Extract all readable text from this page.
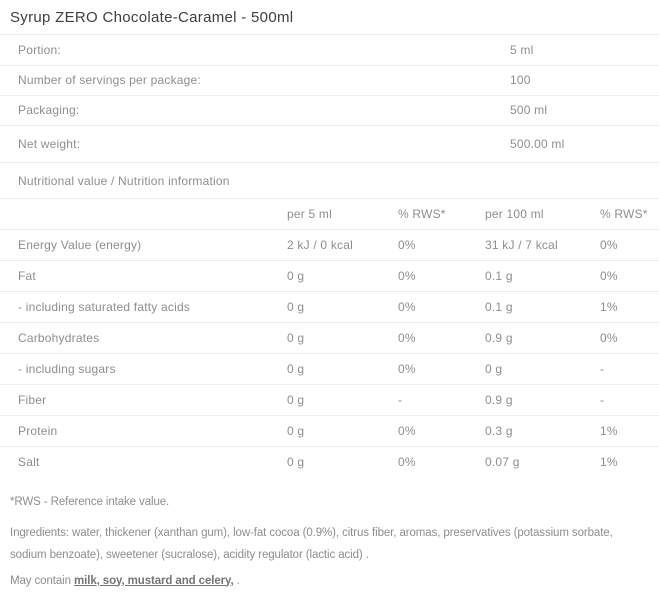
Syrup ZERO Chocolate-Caramel - 500ml
Portion:	5 ml
Number of servings per package:	100
Packaging:	500 ml
Net weight:	500.00 ml
Nutritional value / Nutrition information
	per 5 ml	% RWS*	per 100 ml	% RWS*
Energy Value (energy)	2 kJ / 0 kcal	0%	31 kJ / 7 kcal	0%
Fat	0 g	0%	0.1 g	0%
- including saturated fatty acids	0 g	0%	0.1 g	1%
Carbohydrates	0 g	0%	0.9 g	0%
- including sugars	0 g	0%	0 g	-
Fiber	0 g	-	0.9 g	-
Protein	0 g	0%	0.3 g	1%
Salt	0 g	0%	0.07 g	1%

*RWS - Reference intake value.

Ingredients: water, thickener (xanthan gum), low-fat cocoa (0.9%), citrus fiber, aromas, preservatives (potassium sorbate, sodium benzoate), sweetener (sucralose), acidity regulator (lactic acid) .

May contain milk, soy, mustard and celery, .
